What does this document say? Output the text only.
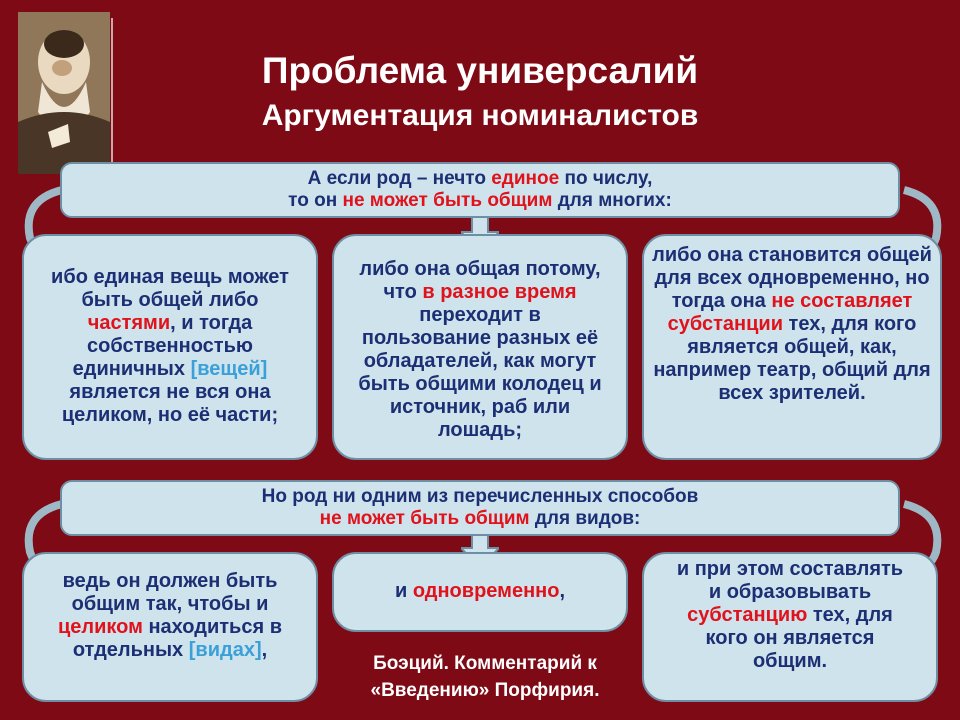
Проблема универсалий
Аргументация номиналистов
А если род – нечто единое по числу,
то он не может быть общим для многих:
ибо единая вещь может быть общей либо частями, и тогда собственностью единичных [вещей] является не вся она целиком, но её части;
либо она общая потому, что в разное время переходит в пользование разных её обладателей, как могут быть общими колодец и источник, раб или лошадь;
либо она становится общей для всех одновременно, но тогда она не составляет субстанции тех, для кого является общей, как, например театр, общий для всех зрителей.
Но род ни одним из перечисленных способов
не может быть общим для видов:
ведь он должен быть общим так, чтобы и целиком находиться в отдельных [видах],
и одновременно,
и при этом составлять и образовывать субстанцию тех, для кого он является общим.
Боэций. Комментарий к
«Введению» Порфирия.
